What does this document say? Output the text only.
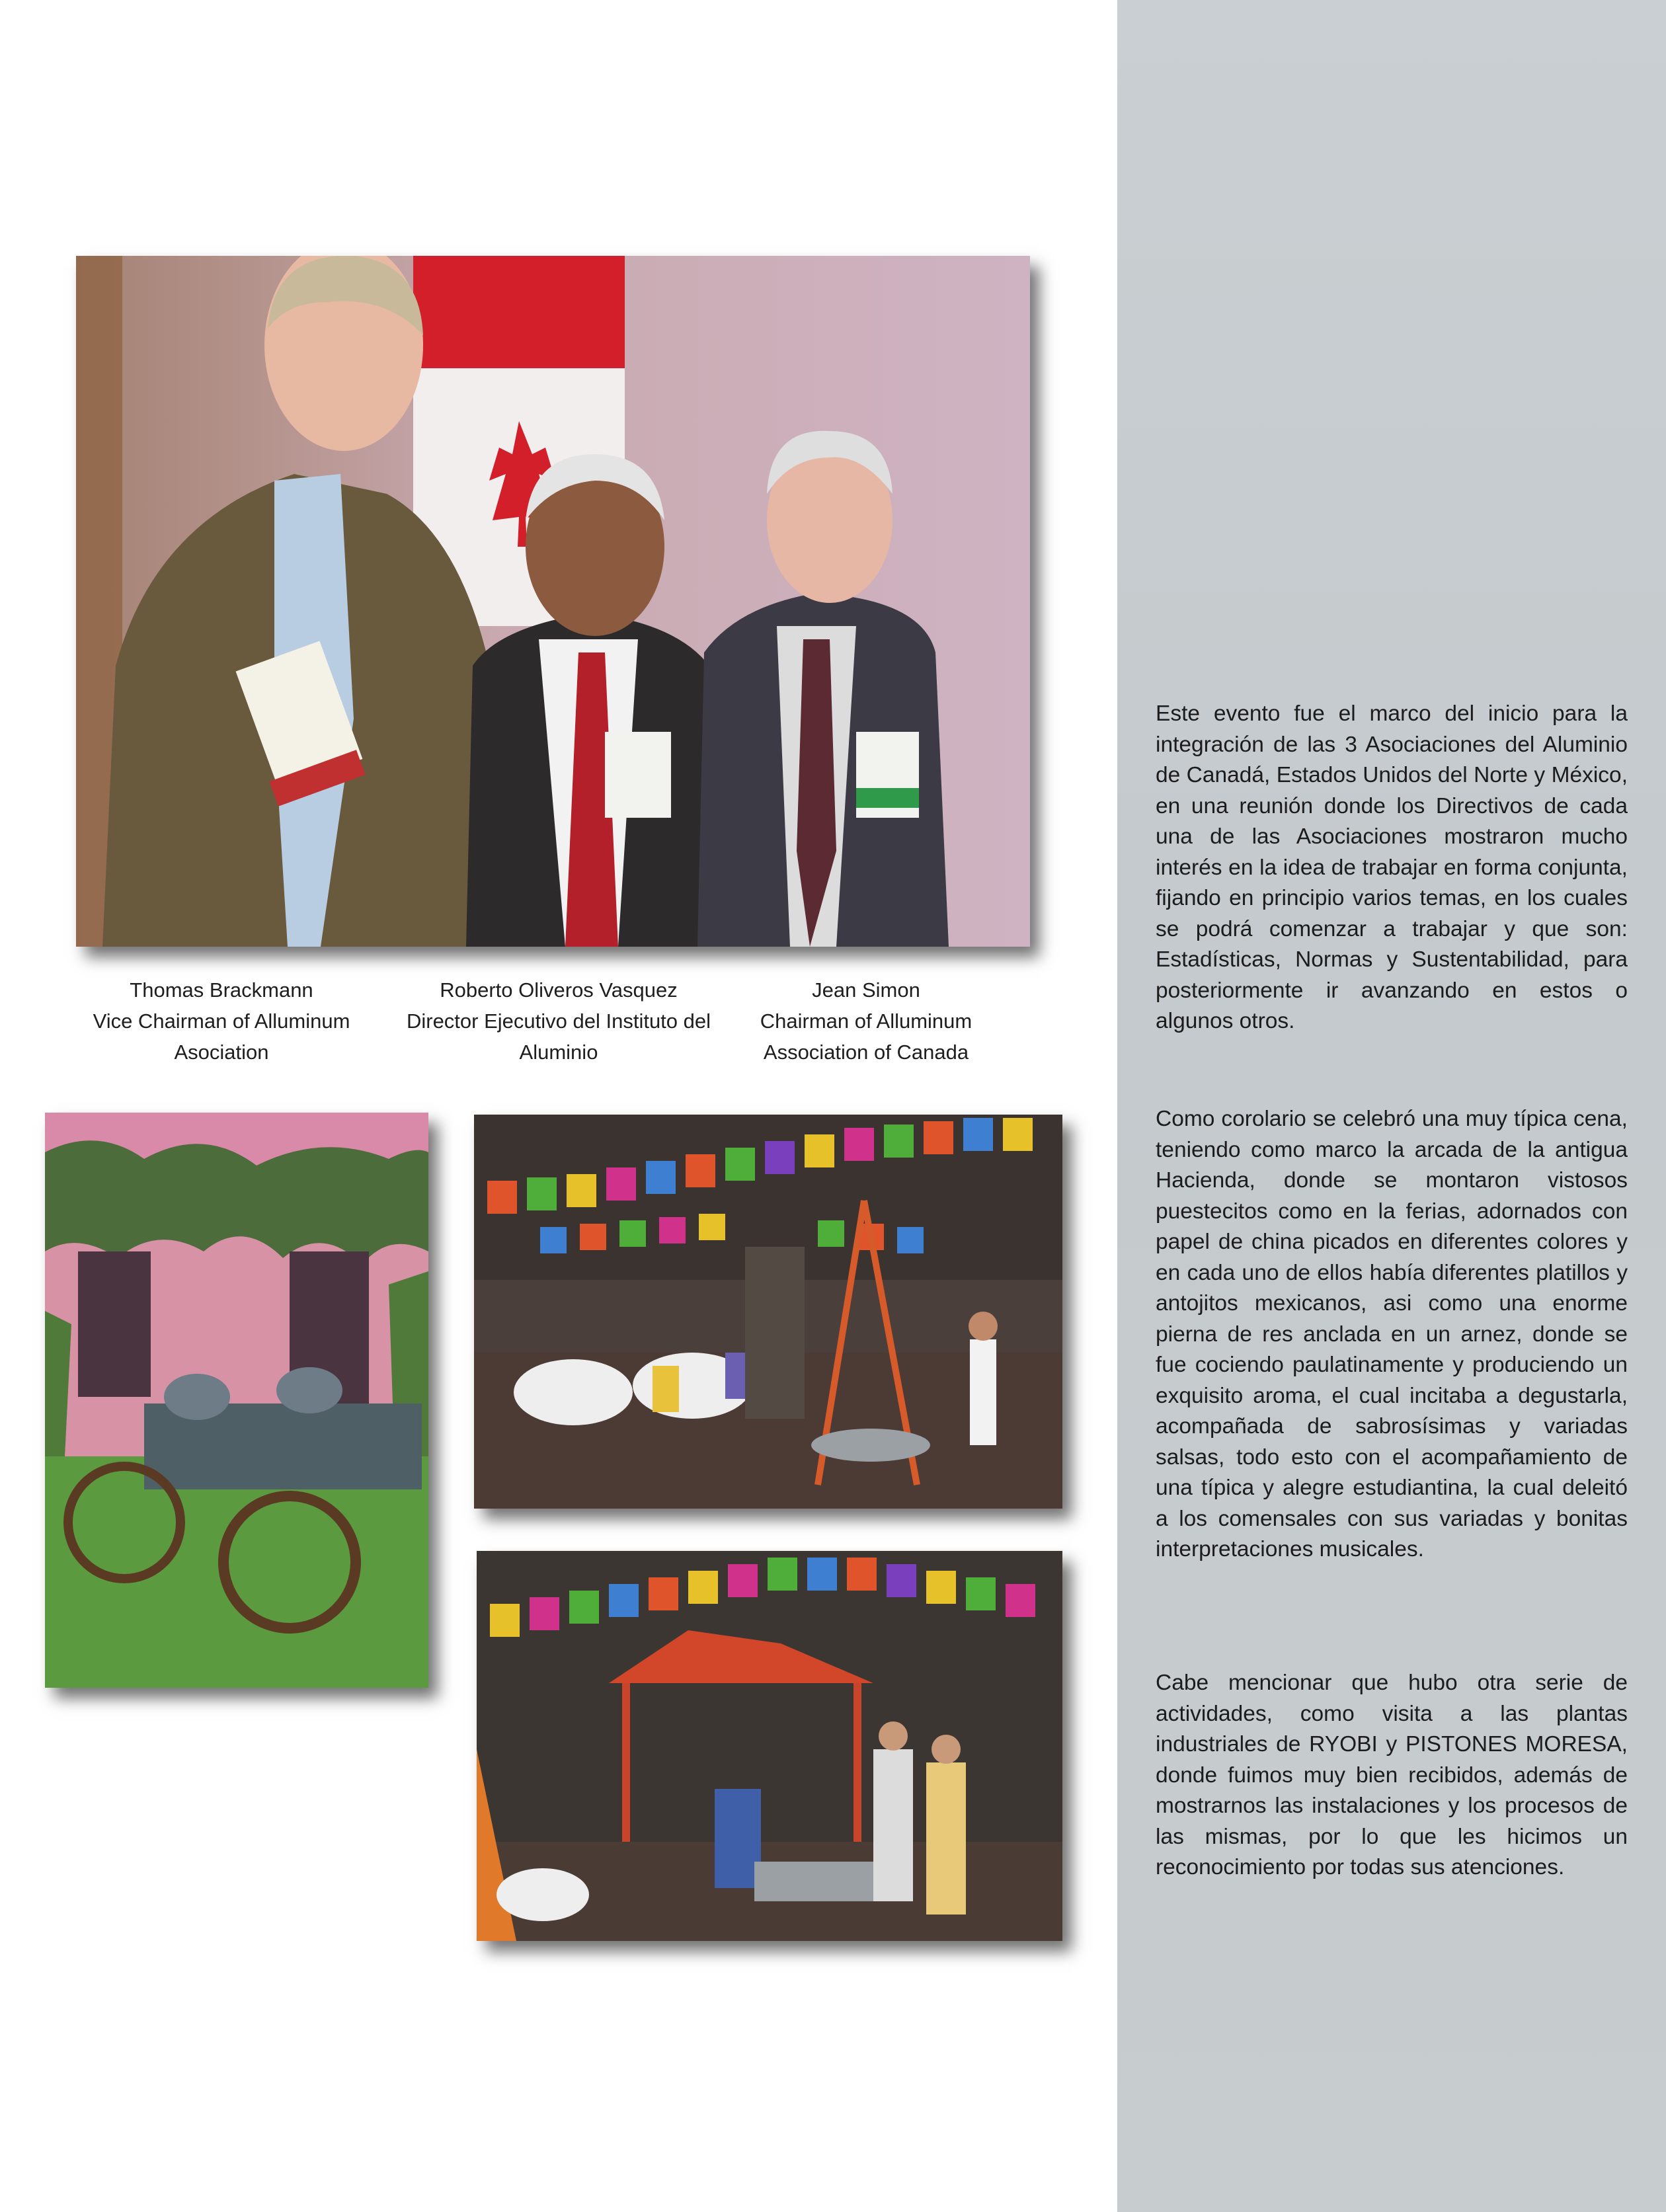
Thomas Brackmann
Vice Chairman of Alluminum Asociation
Roberto Oliveros Vasquez
Director Ejecutivo del Instituto del Aluminio
Jean Simon
Chairman of Alluminum Association of Canada
Este evento fue el marco del inicio para la integración de las 3 Asociaciones del Aluminio de Canadá, Estados Unidos del Norte y México, en una reunión donde los Directivos de cada una de las Asociaciones mostraron mucho interés en la idea de trabajar en forma conjunta, fijando en principio varios temas, en los cuales se podrá comenzar a trabajar y que son: Estadísticas, Normas y Sustentabilidad, para posteriormente ir avanzando en estos o algunos otros.
Como corolario se celebró una muy típica cena, teniendo como marco la arcada de la antigua Hacienda, donde se montaron vistosos puestecitos como en la ferias, adornados con papel de china picados en diferentes colores y en cada uno de ellos había diferentes platillos y antojitos mexicanos, asi como una enorme pierna de res anclada en un arnez, donde se fue cociendo paulatinamente y produciendo un exquisito aroma, el cual incitaba a degustarla, acompañada de sabrosísimas y variadas salsas, todo esto con el acompañamiento de una típica y alegre estudiantina, la cual deleitó a los comensales con sus variadas y bonitas interpretaciones musicales.
Cabe mencionar que hubo otra serie de actividades, como visita a las plantas industriales de RYOBI y PISTONES MORESA, donde fuimos muy bien recibidos, además de mostrarnos las instalaciones y los procesos de las mismas, por lo que les hicimos un reconocimiento por todas sus atenciones.
